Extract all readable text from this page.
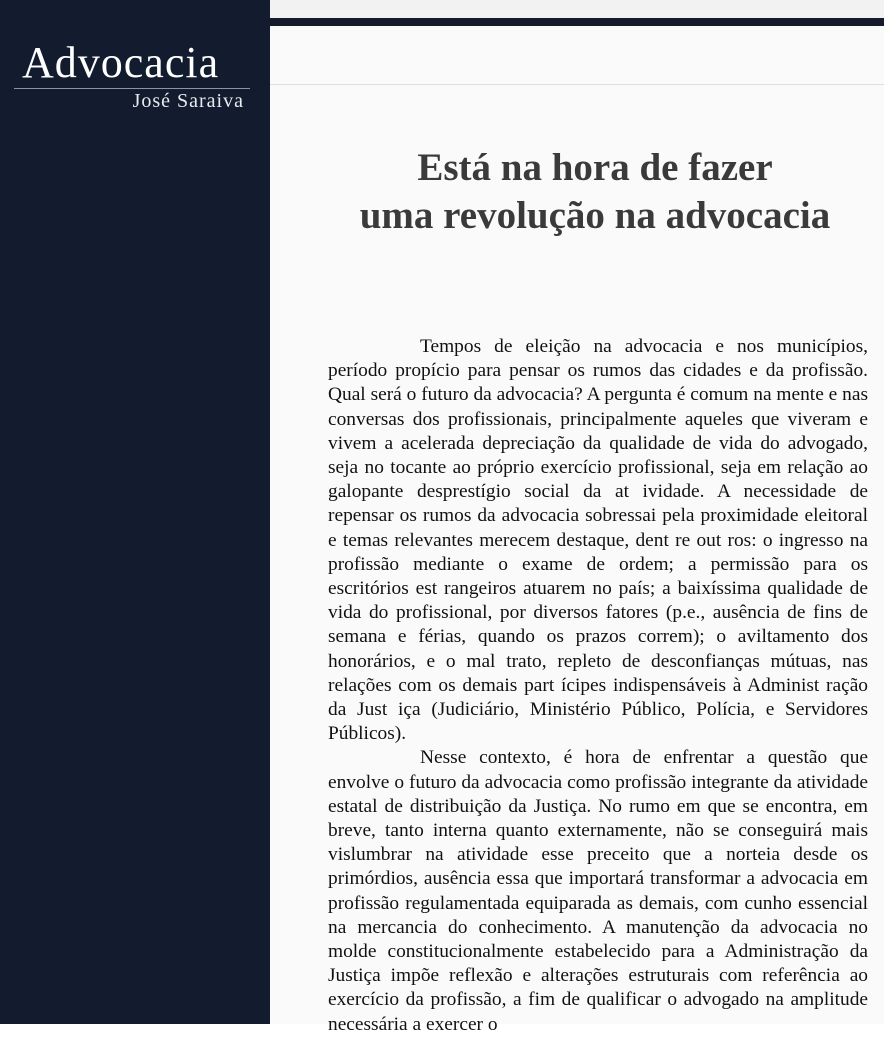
Advocacia
José Saraiva
Está na hora de fazer
uma revolução na advocacia

Tempos de eleição na advocacia e nos municípios, período propício para pensar os rumos das cidades e da profissão. Qual será o futuro da advocacia? A pergunta é comum na mente e nas conversas dos profissionais, principalmente aqueles que viveram e vivem a acelerada depreciação da qualidade de vida do advogado, seja no tocante ao próprio exercício profissional, seja em relação ao galopante desprestígio social da at ividade. A necessidade de repensar os rumos da advocacia sobressai pela proximidade eleitoral e temas relevantes merecem destaque, dent re out ros: o ingresso na profissão mediante o exame de ordem; a permissão para os escritórios est rangeiros atuarem no país; a baixíssima qualidade de vida do profissional, por diversos fatores (p.e., ausência de fins de semana e férias, quando os prazos correm); o aviltamento dos honorários, e o mal trato, repleto de desconfianças mútuas, nas relações com os demais part ícipes indispensáveis à Administ ração da Just iça (Judiciário, Ministério Público, Polícia, e Servidores Públicos).

Nesse contexto, é hora de enfrentar a questão que envolve o futuro da advocacia como profissão integrante da atividade estatal de distribuição da Justiça. No rumo em que se encontra, em breve, tanto interna quanto externamente, não se conseguirá mais vislumbrar na atividade esse preceito que a norteia desde os primórdios, ausência essa que importará transformar a advocacia em profissão regulamentada equiparada as demais, com cunho essencial na mercancia do conhecimento. A manutenção da advocacia no molde constitucionalmente estabelecido para a Administração da Justiça impõe reflexão e alterações estruturais com referência ao exercício da profissão, a fim de qualificar o advogado na amplitude necessária a exercer o
